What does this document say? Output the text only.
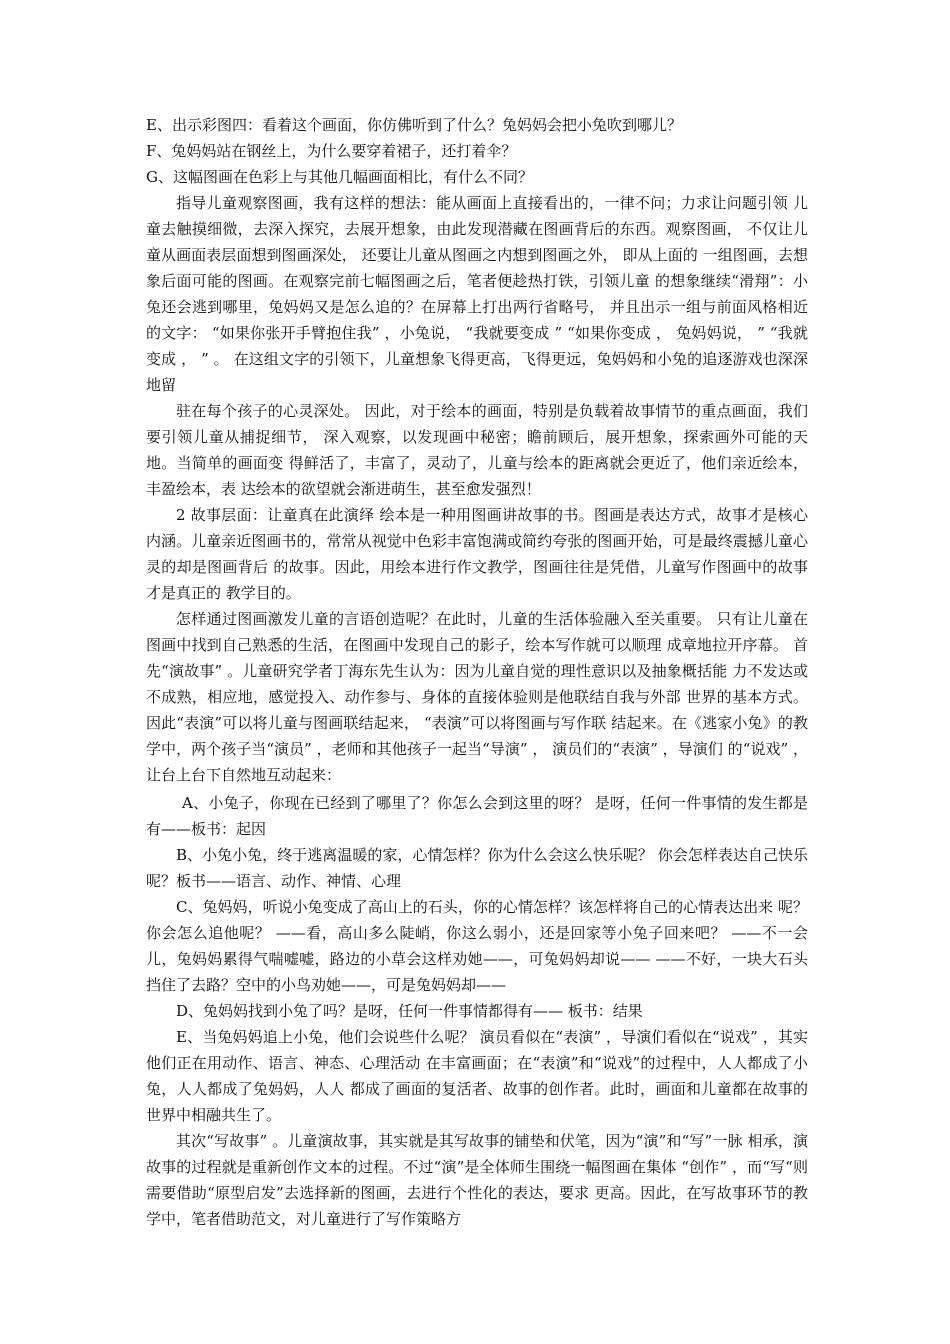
E、出示彩图四：看着这个画面，你仿佛听到了什么？兔妈妈会把小兔吹到哪儿？
F、兔妈妈站在钢丝上，为什么要穿着裙子，还打着伞？
G、这幅图画在色彩上与其他几幅画面相比，有什么不同？

指导儿童观察图画，我有这样的想法：能从画面上直接看出的，一律不问；力求让问题引领 儿童去触摸细微，去深入探究，去展开想象，由此发现潜藏在图画背后的东西。观察图画， 不仅让儿童从画面表层面想到图画深处， 还要让儿童从图画之内想到图画之外， 即从上面的 一组图画，去想象后面可能的图画。在观察完前七幅图画之后，笔者便趁热打铁，引领儿童 的想象继续“滑翔”：小兔还会逃到哪里，兔妈妈又是怎么追的？在屏幕上打出两行省略号， 并且出示一组与前面风格相近的文字： “如果你张开手臂抱住我” ，小兔说， “我就要变成 ” “如果你变成 ， 兔妈妈说， ” “我就变成 ， ” 。 在这组文字的引领下，儿童想象飞得更高，飞得更远，兔妈妈和小兔的追逐游戏也深深地留

驻在每个孩子的心灵深处。 因此，对于绘本的画面，特别是负载着故事情节的重点画面，我们要引领儿童从捕捉细节， 深入观察，以发现画中秘密；瞻前顾后，展开想象，探索画外可能的天地。当简单的画面变 得鲜活了，丰富了，灵动了，儿童与绘本的距离就会更近了，他们亲近绘本，丰盈绘本，表 达绘本的欲望就会渐进萌生，甚至愈发强烈！

2 故事层面：让童真在此演绎 绘本是一种用图画讲故事的书。图画是表达方式，故事才是核心内涵。儿童亲近图画书的，常常从视觉中色彩丰富饱满或简约夸张的图画开始，可是最终震撼儿童心灵的却是图画背后 的故事。因此，用绘本进行作文教学，图画往往是凭借，儿童写作图画中的故事才是真正的 教学目的。

怎样通过图画激发儿童的言语创造呢？在此时，儿童的生活体验融入至关重要。 只有让儿童在图画中找到自己熟悉的生活，在图画中发现自己的影子，绘本写作就可以顺理 成章地拉开序幕。 首先“演故事” 。儿童研究学者丁海东先生认为：因为儿童自觉的理性意识以及抽象概括能 力不发达或不成熟，相应地，感觉投入、动作参与、身体的直接体验则是他联结自我与外部 世界的基本方式。因此“表演”可以将儿童与图画联结起来， “表演”可以将图画与写作联 结起来。在《逃家小兔》的教学中，两个孩子当“演员” ，老师和其他孩子一起当“导演” ， 演员们的“表演” ，导演们 的“说戏” ，让台上台下自然地互动起来：

A、小兔子，你现在已经到了哪里了？你怎么会到这里的呀？ 是呀，任何一件事情的发生都是有——板书：起因

B、小兔小兔，终于逃离温暖的家，心情怎样？你为什么会这么快乐呢？ 你会怎样表达自己快乐呢？板书——语言、动作、神情、心理

C、兔妈妈，听说小兔变成了高山上的石头，你的心情怎样？该怎样将自己的心情表达出来 呢？你会怎么追他呢？ ——看，高山多么陡峭，你这么弱小，还是回家等小兔子回来吧？ ——不一会儿，兔妈妈累得气喘嘘嘘，路边的小草会这样劝她——，可兔妈妈却说—— ——不好，一块大石头挡住了去路？空中的小鸟劝她——，可是兔妈妈却——

D、兔妈妈找到小兔了吗？是呀，任何一件事情都得有—— 板书：结果

E、当兔妈妈追上小兔，他们会说些什么呢？ 演员看似在“表演” ，导演们看似在“说戏” ，其实他们正在用动作、语言、神态、心理活动 在丰富画面；在“表演”和“说戏”的过程中，人人都成了小兔，人人都成了兔妈妈，人人 都成了画面的复活者、故事的创作者。此时，画面和儿童都在故事的世界中相融共生了。

其次“写故事” 。儿童演故事，其实就是其写故事的铺垫和伏笔，因为“演”和“写”一脉 相承，演故事的过程就是重新创作文本的过程。不过“演”是全体师生围绕一幅图画在集体 “创作” ，而“写“则需要借助“原型启发”去选择新的图画，去进行个性化的表达，要求 更高。因此，在写故事环节的教学中，笔者借助范文，对儿童进行了写作策略方
